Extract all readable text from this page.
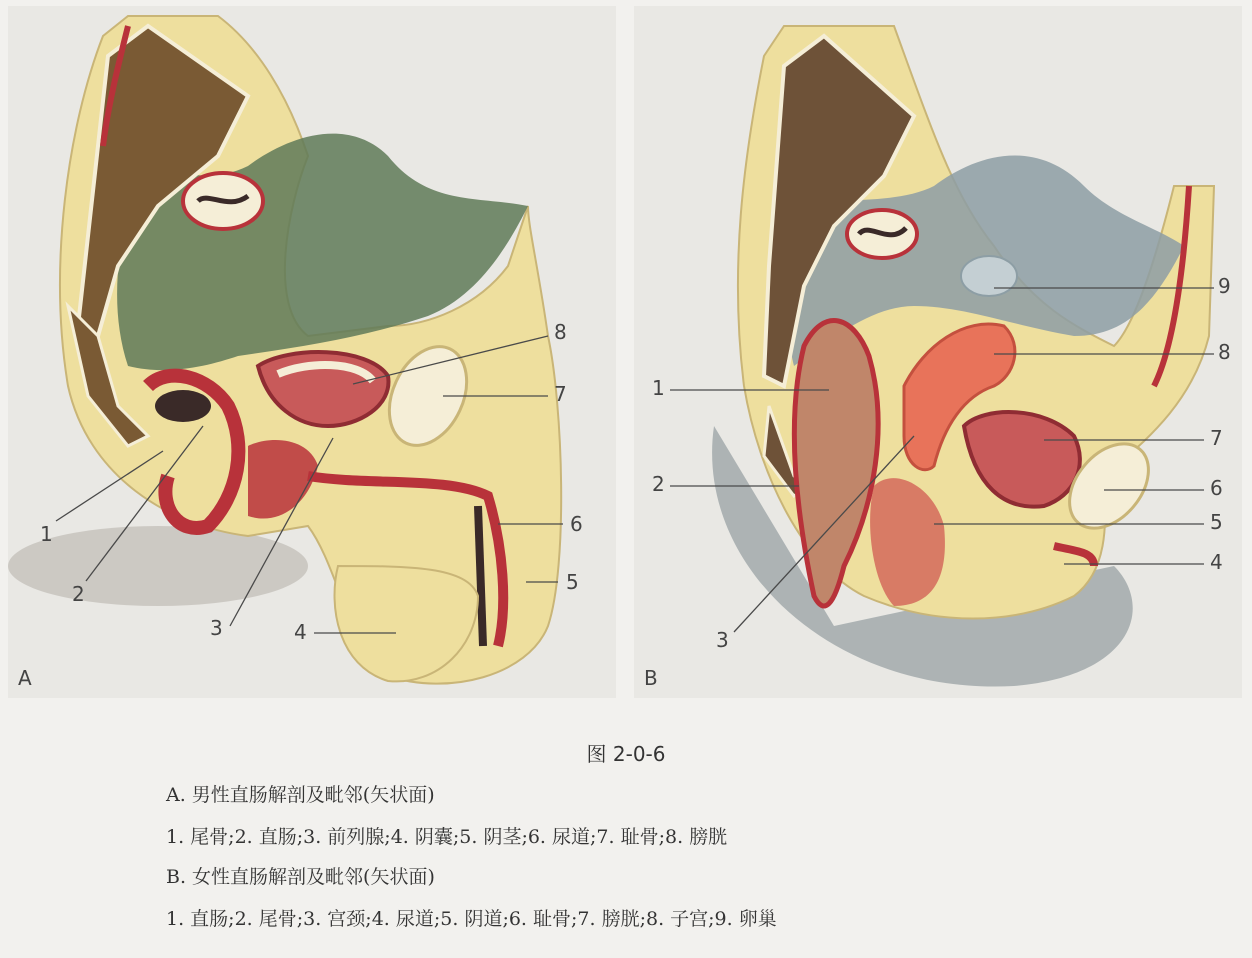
1
2
3	4
5
6
7
8
A
1
2
3
4
5
6
7
8
9
B
图 2-0-6
A. 男性直肠解剖及毗邻(矢状面)
1. 尾骨;2. 直肠;3. 前列腺;4. 阴囊;5. 阴茎;6. 尿道;7. 耻骨;8. 膀胱
B. 女性直肠解剖及毗邻(矢状面)
1. 直肠;2. 尾骨;3. 宫颈;4. 尿道;5. 阴道;6. 耻骨;7. 膀胱;8. 子宫;9. 卵巢
